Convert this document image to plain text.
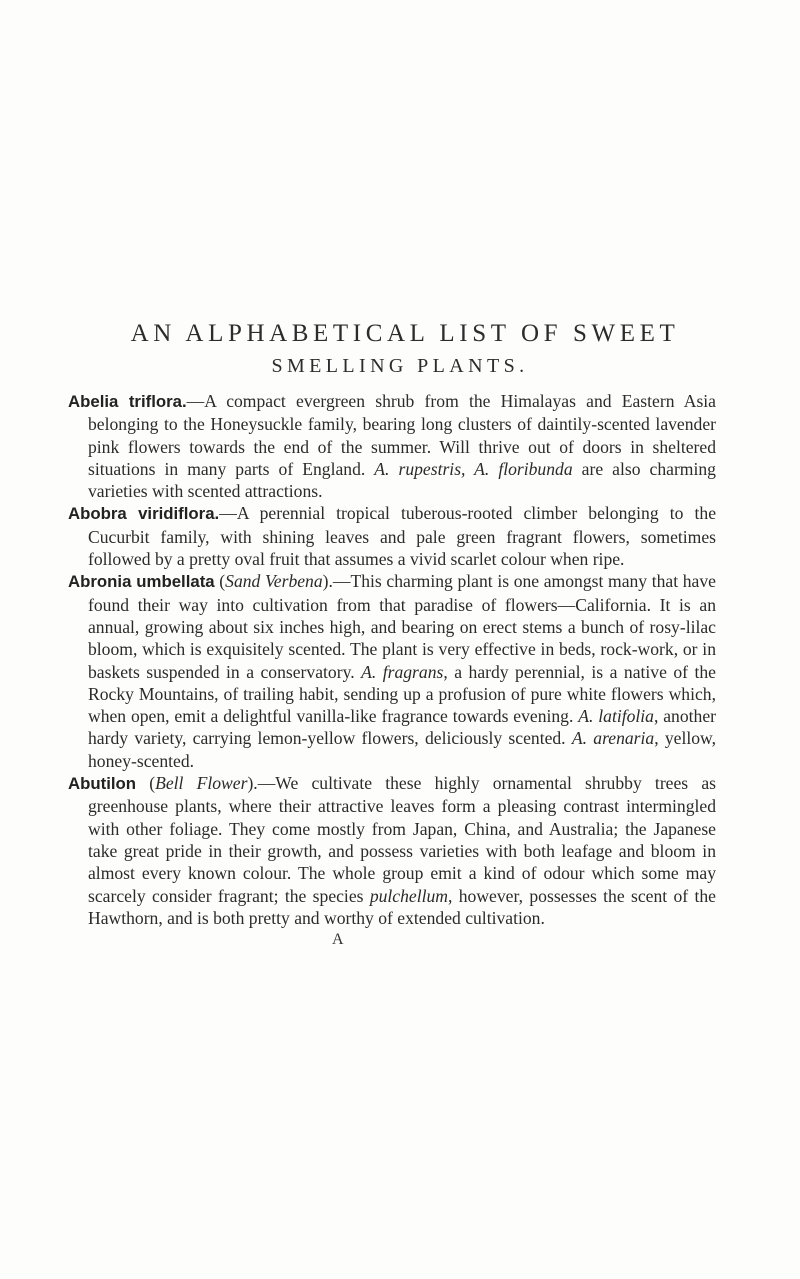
AN ALPHABETICAL LIST OF SWEET
SMELLING PLANTS.

Abelia triflora.—A compact evergreen shrub from the Himalayas and Eastern Asia belonging to the Honeysuckle family, bearing long clusters of daintily-scented lavender pink flowers towards the end of the summer. Will thrive out of doors in sheltered situations in many parts of England. A. rupestris, A. floribunda are also charming varieties with scented attractions.

Abobra viridiflora.—A perennial tropical tuberous-rooted climber belonging to the Cucurbit family, with shining leaves and pale green fragrant flowers, sometimes followed by a pretty oval fruit that assumes a vivid scarlet colour when ripe.

Abronia umbellata (Sand Verbena).—This charming plant is one amongst many that have found their way into cultivation from that paradise of flowers—California. It is an annual, growing about six inches high, and bearing on erect stems a bunch of rosy-lilac bloom, which is exquisitely scented. The plant is very effective in beds, rock-work, or in baskets suspended in a conservatory. A. fragrans, a hardy perennial, is a native of the Rocky Mountains, of trailing habit, sending up a profusion of pure white flowers which, when open, emit a delightful vanilla-like fragrance towards evening. A. latifolia, another hardy variety, carrying lemon-yellow flowers, deliciously scented. A. arenaria, yellow, honey-scented.

Abutilon (Bell Flower).—We cultivate these highly ornamental shrubby trees as greenhouse plants, where their attractive leaves form a pleasing contrast intermingled with other foliage. They come mostly from Japan, China, and Australia; the Japanese take great pride in their growth, and possess varieties with both leafage and bloom in almost every known colour. The whole group emit a kind of odour which some may scarcely consider fragrant; the species pulchellum, however, possesses the scent of the Hawthorn, and is both pretty and worthy of extended cultivation.

A
